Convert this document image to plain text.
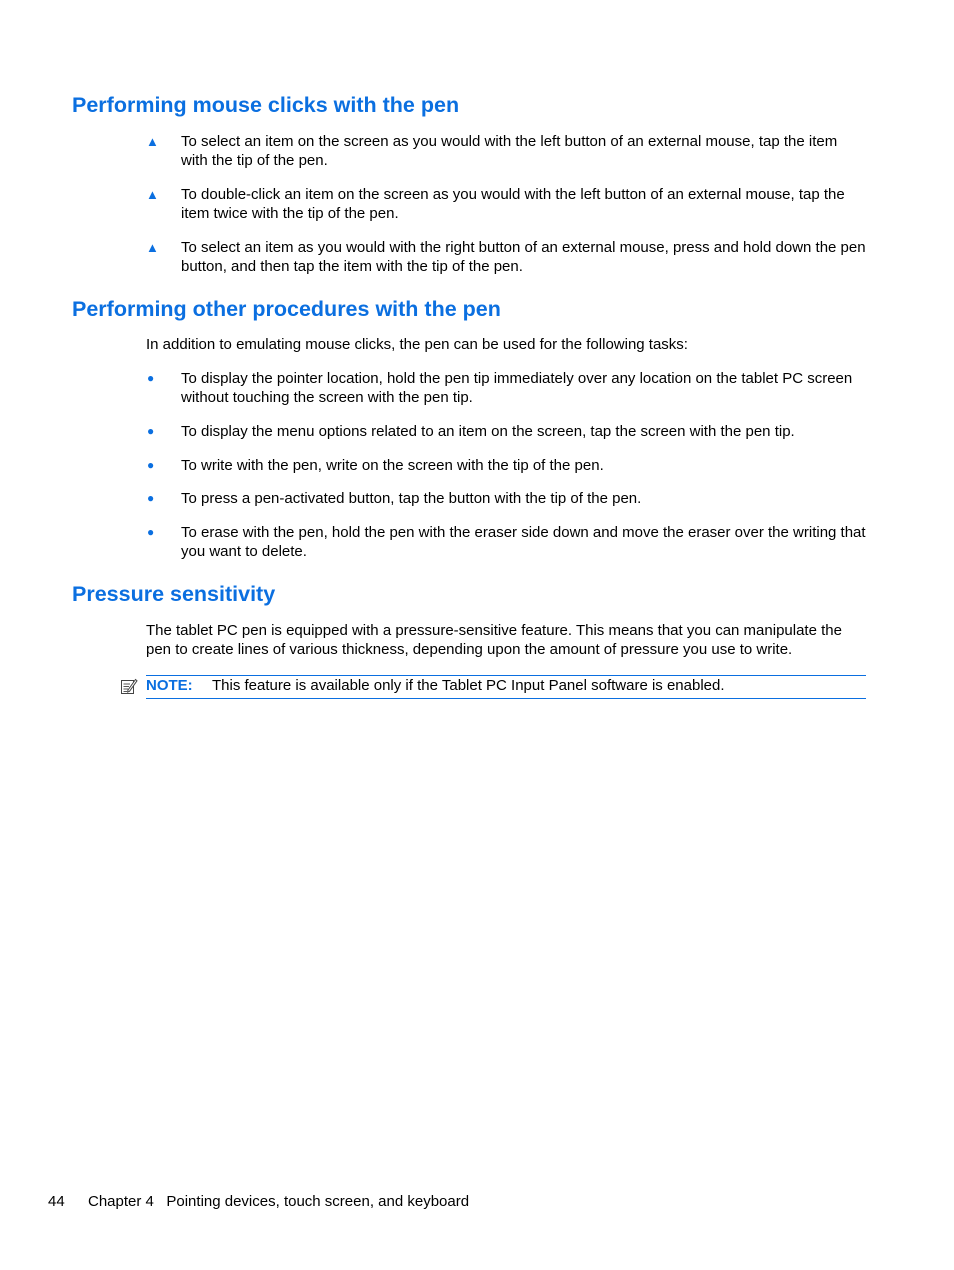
Performing mouse clicks with the pen
▲	To select an item on the screen as you would with the left button of an external mouse, tap the item with the tip of the pen.
▲	To double-click an item on the screen as you would with the left button of an external mouse, tap the item twice with the tip of the pen.
▲	To select an item as you would with the right button of an external mouse, press and hold down the pen button, and then tap the item with the tip of the pen.
Performing other procedures with the pen

In addition to emulating mouse clicks, the pen can be used for the following tasks:

●	To display the pointer location, hold the pen tip immediately over any location on the tablet PC screen without touching the screen with the pen tip.
●	To display the menu options related to an item on the screen, tap the screen with the pen tip.
●	To write with the pen, write on the screen with the tip of the pen.
●	To press a pen-activated button, tap the button with the tip of the pen.
●	To erase with the pen, hold the pen with the eraser side down and move the eraser over the writing that you want to delete.
Pressure sensitivity

The tablet PC pen is equipped with a pressure-sensitive feature. This means that you can manipulate the pen to create lines of various thickness, depending upon the amount of pressure you use to write.

NOTE: This feature is available only if the Tablet PC Input Panel software is enabled.
44 Chapter 4   Pointing devices, touch screen, and keyboard
